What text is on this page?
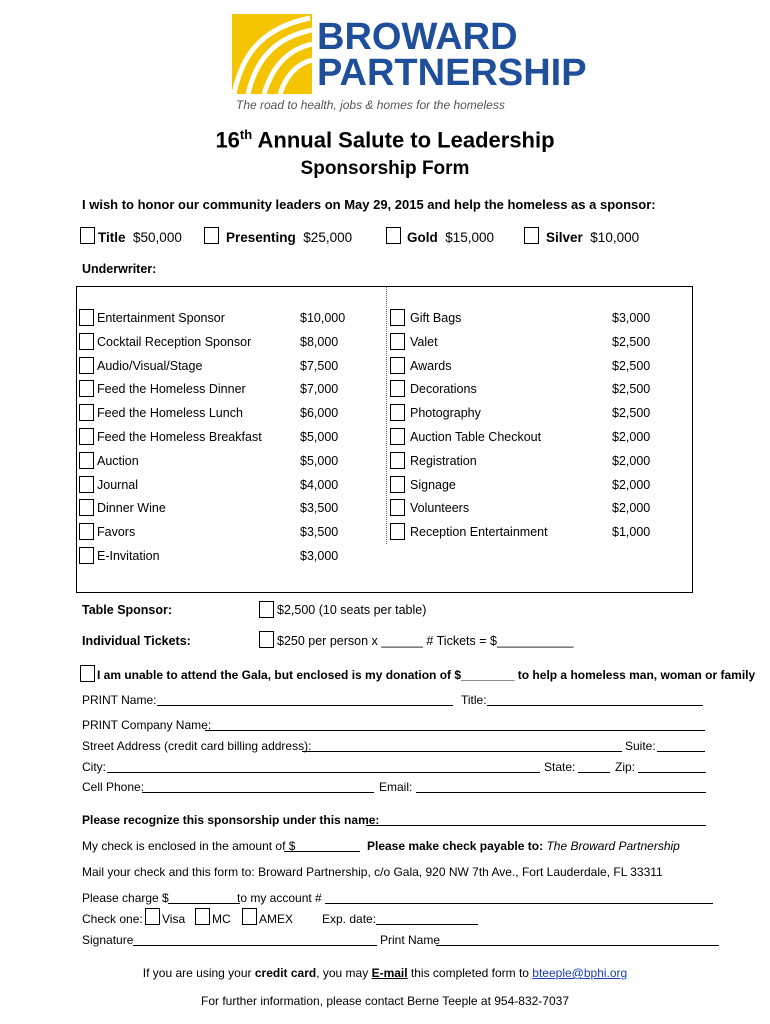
BROWARD
PARTNERSHIP
The road to health, jobs & homes for the homeless
16th Annual Salute to Leadership
Sponsorship Form
I wish to honor our community leaders on May 29, 2015 and help the homeless as a sponsor:
Title $50,000	Presenting $25,000	Gold $15,000	Silver $10,000
Underwriter:
Entertainment Sponsor	$10,000
Cocktail Reception Sponsor	$8,000
Audio/Visual/Stage	$7,500
Feed the Homeless Dinner	$7,000
Feed the Homeless Lunch	$6,000
Feed the Homeless Breakfast	$5,000
Auction	$5,000
Journal	$4,000
Dinner Wine	$3,500
Favors	$3,500
E-Invitation	$3,000
Gift Bags	$3,000
Valet	$2,500
Awards	$2,500
Decorations	$2,500
Photography	$2,500
Auction Table Checkout	$2,000
Registration	$2,000
Signage	$2,000
Volunteers	$2,000
Reception Entertainment	$1,000
Table Sponsor:	$2,500 (10 seats per table)
Individual Tickets:	$250 per person x ______ # Tickets = $___________
I am unable to attend the Gala, but enclosed is my donation of $________ to help a homeless man, woman or family
PRINT Name:	Title:
PRINT Company Name:
Street Address (credit card billing address):	Suite:
City:	State:	Zip:
Cell Phone:	Email:
Please recognize this sponsorship under this name:
My check is enclosed in the amount of $	Please make check payable to: The Broward Partnership
Mail your check and this form to: Broward Partnership, c/o Gala, 920 NW 7th Ave., Fort Lauderdale, FL 33311
Please charge $	to my account #
Check one: Visa MC AMEX Exp. date:
Signature	Print Name
If you are using your credit card, you may E-mail this completed form to bteeple@bphi.org
For further information, please contact Berne Teeple at 954-832-7037
